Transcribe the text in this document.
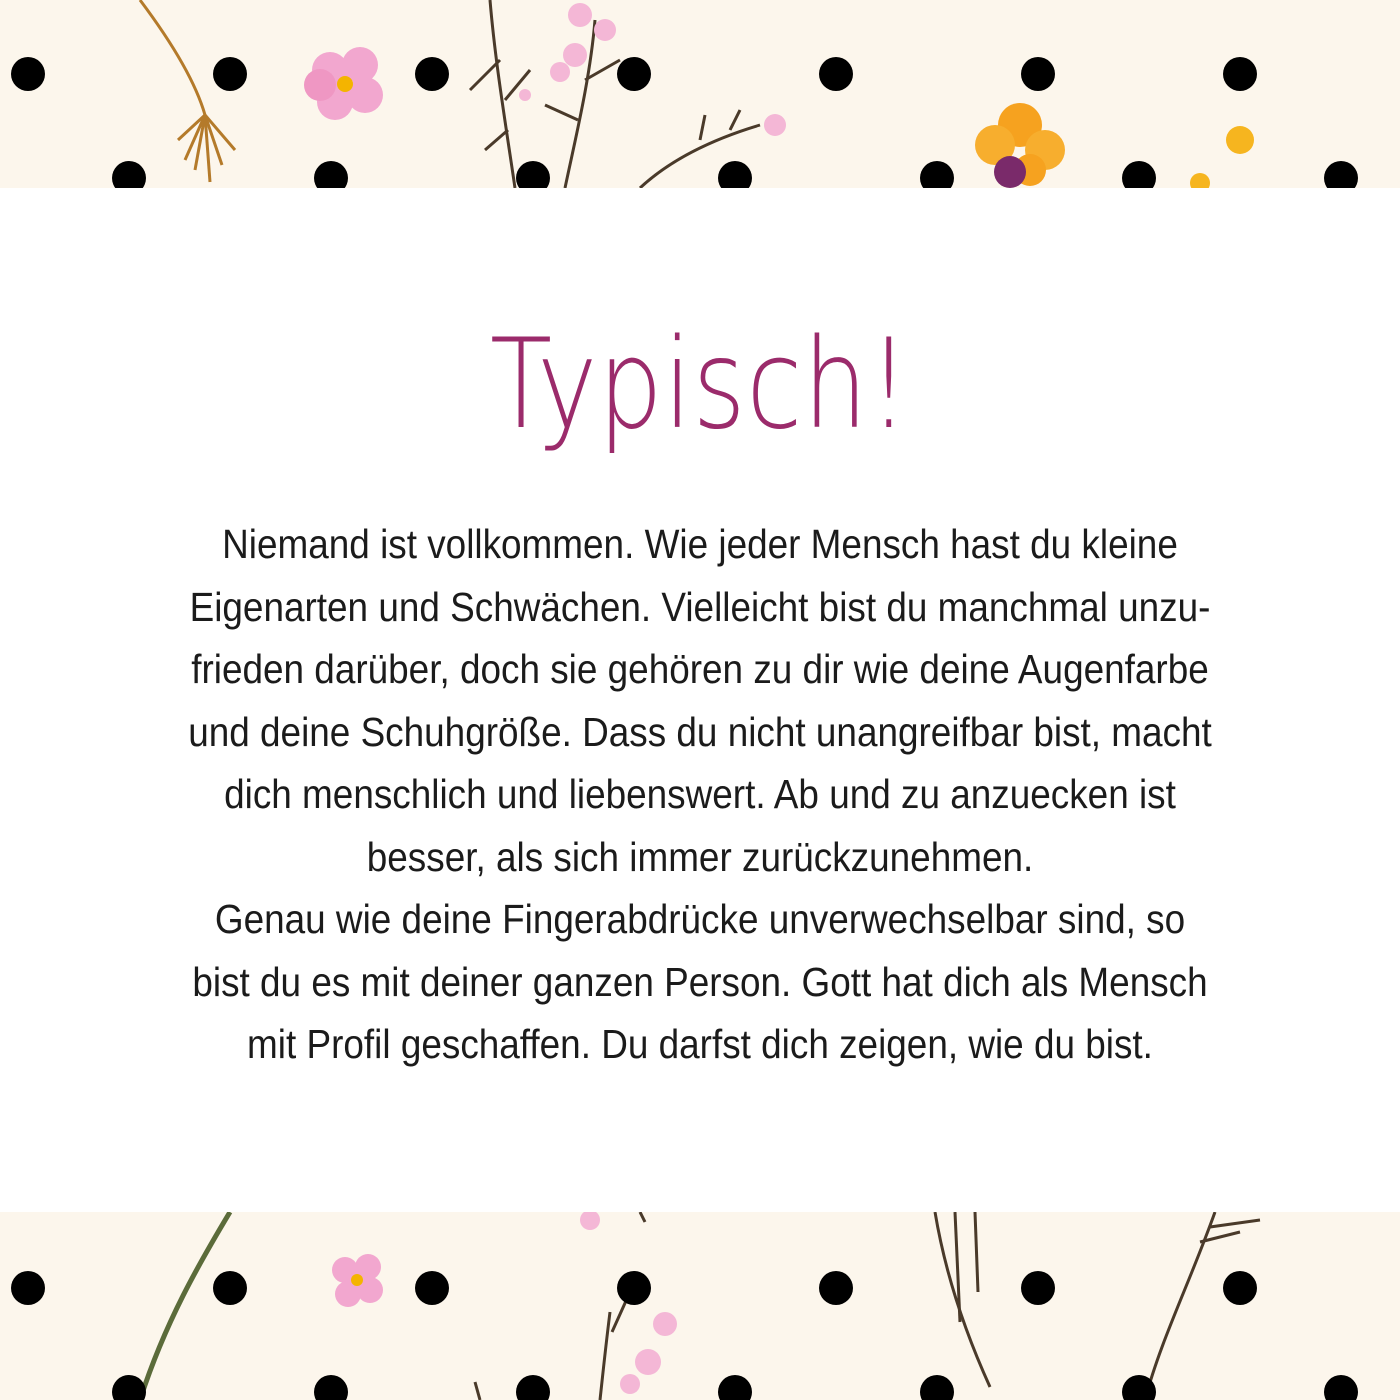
Typisch!
Niemand ist vollkommen. Wie jeder Mensch hast du kleine
Eigenarten und Schwächen. Vielleicht bist du manchmal unzu-
frieden darüber, doch sie gehören zu dir wie deine Augenfarbe
und deine Schuhgröße. Dass du nicht unangreifbar bist, macht
dich menschlich und liebenswert. Ab und zu anzuecken ist
besser, als sich immer zurückzunehmen.
Genau wie deine Fingerabdrücke unverwechselbar sind, so
bist du es mit deiner ganzen Person. Gott hat dich als Mensch
mit Profil geschaffen. Du darfst dich zeigen, wie du bist.
